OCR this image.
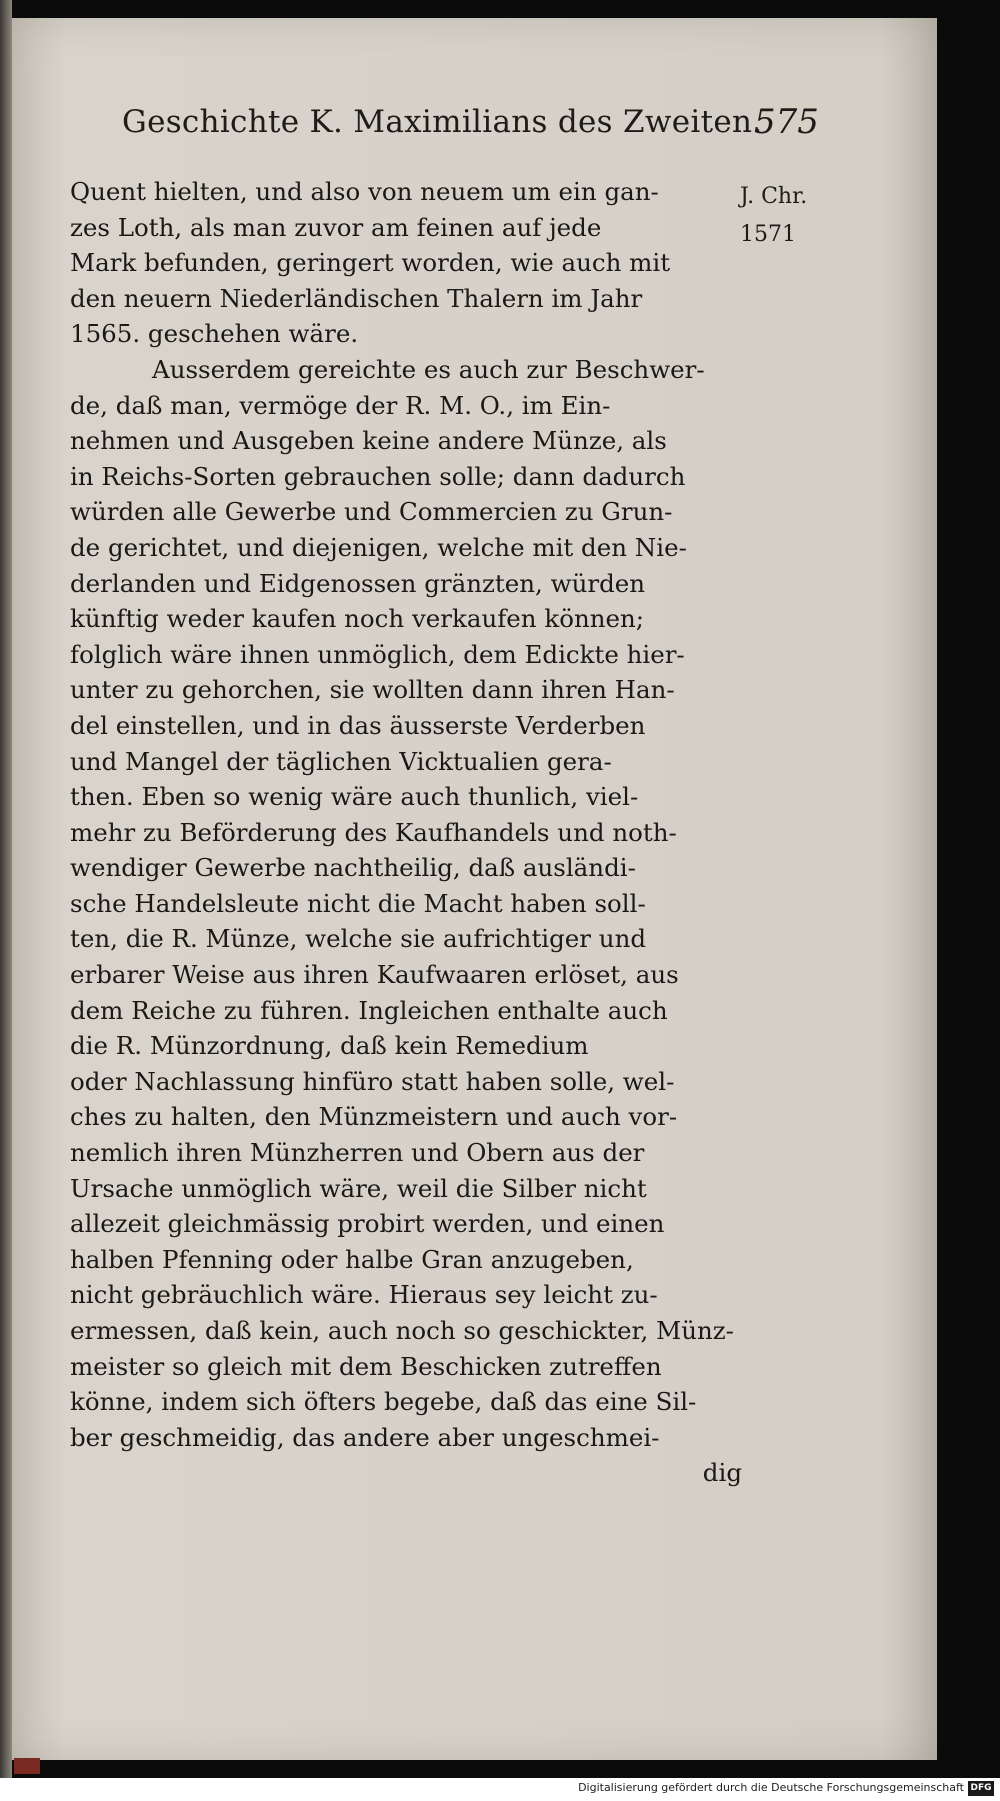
Geschichte K. Maximilians des Zweiten.
575
J. Chr.
1571
Quent hielten, und also von neuem um ein gan-
zes Loth, als man zuvor am feinen auf jede
Mark befunden, geringert worden, wie auch mit
den neuern Niederländischen Thalern im Jahr
1565. geschehen wäre.
Ausserdem gereichte es auch zur Beschwer-
de, daß man, vermöge der R. M. O., im Ein-
nehmen und Ausgeben keine andere Münze, als
in Reichs-Sorten gebrauchen solle; dann dadurch
würden alle Gewerbe und Commercien zu Grun-
de gerichtet, und diejenigen, welche mit den Nie-
derlanden und Eidgenossen gränzten, würden
künftig weder kaufen noch verkaufen können;
folglich wäre ihnen unmöglich, dem Edickte hier-
unter zu gehorchen, sie wollten dann ihren Han-
del einstellen, und in das äusserste Verderben
und Mangel der täglichen Vicktualien gera-
then. Eben so wenig wäre auch thunlich, viel-
mehr zu Beförderung des Kaufhandels und noth-
wendiger Gewerbe nachtheilig, daß ausländi-
sche Handelsleute nicht die Macht haben soll-
ten, die R. Münze, welche sie aufrichtiger und
erbarer Weise aus ihren Kaufwaaren erlöset, aus
dem Reiche zu führen. Ingleichen enthalte auch
die R. Münzordnung, daß kein Remedium
oder Nachlassung hinfüro statt haben solle, wel-
ches zu halten, den Münzmeistern und auch vor-
nemlich ihren Münzherren und Obern aus der
Ursache unmöglich wäre, weil die Silber nicht
allezeit gleichmässig probirt werden, und einen
halben Pfenning oder halbe Gran anzugeben,
nicht gebräuchlich wäre. Hieraus sey leicht zu-
ermessen, daß kein, auch noch so geschickter, Münz-
meister so gleich mit dem Beschicken zutreffen
könne, indem sich öfters begebe, daß das eine Sil-
ber geschmeidig, das andere aber ungeschmei-
dig
Digitalisierung gefördert durch die Deutsche Forschungsgemeinschaft DFG
